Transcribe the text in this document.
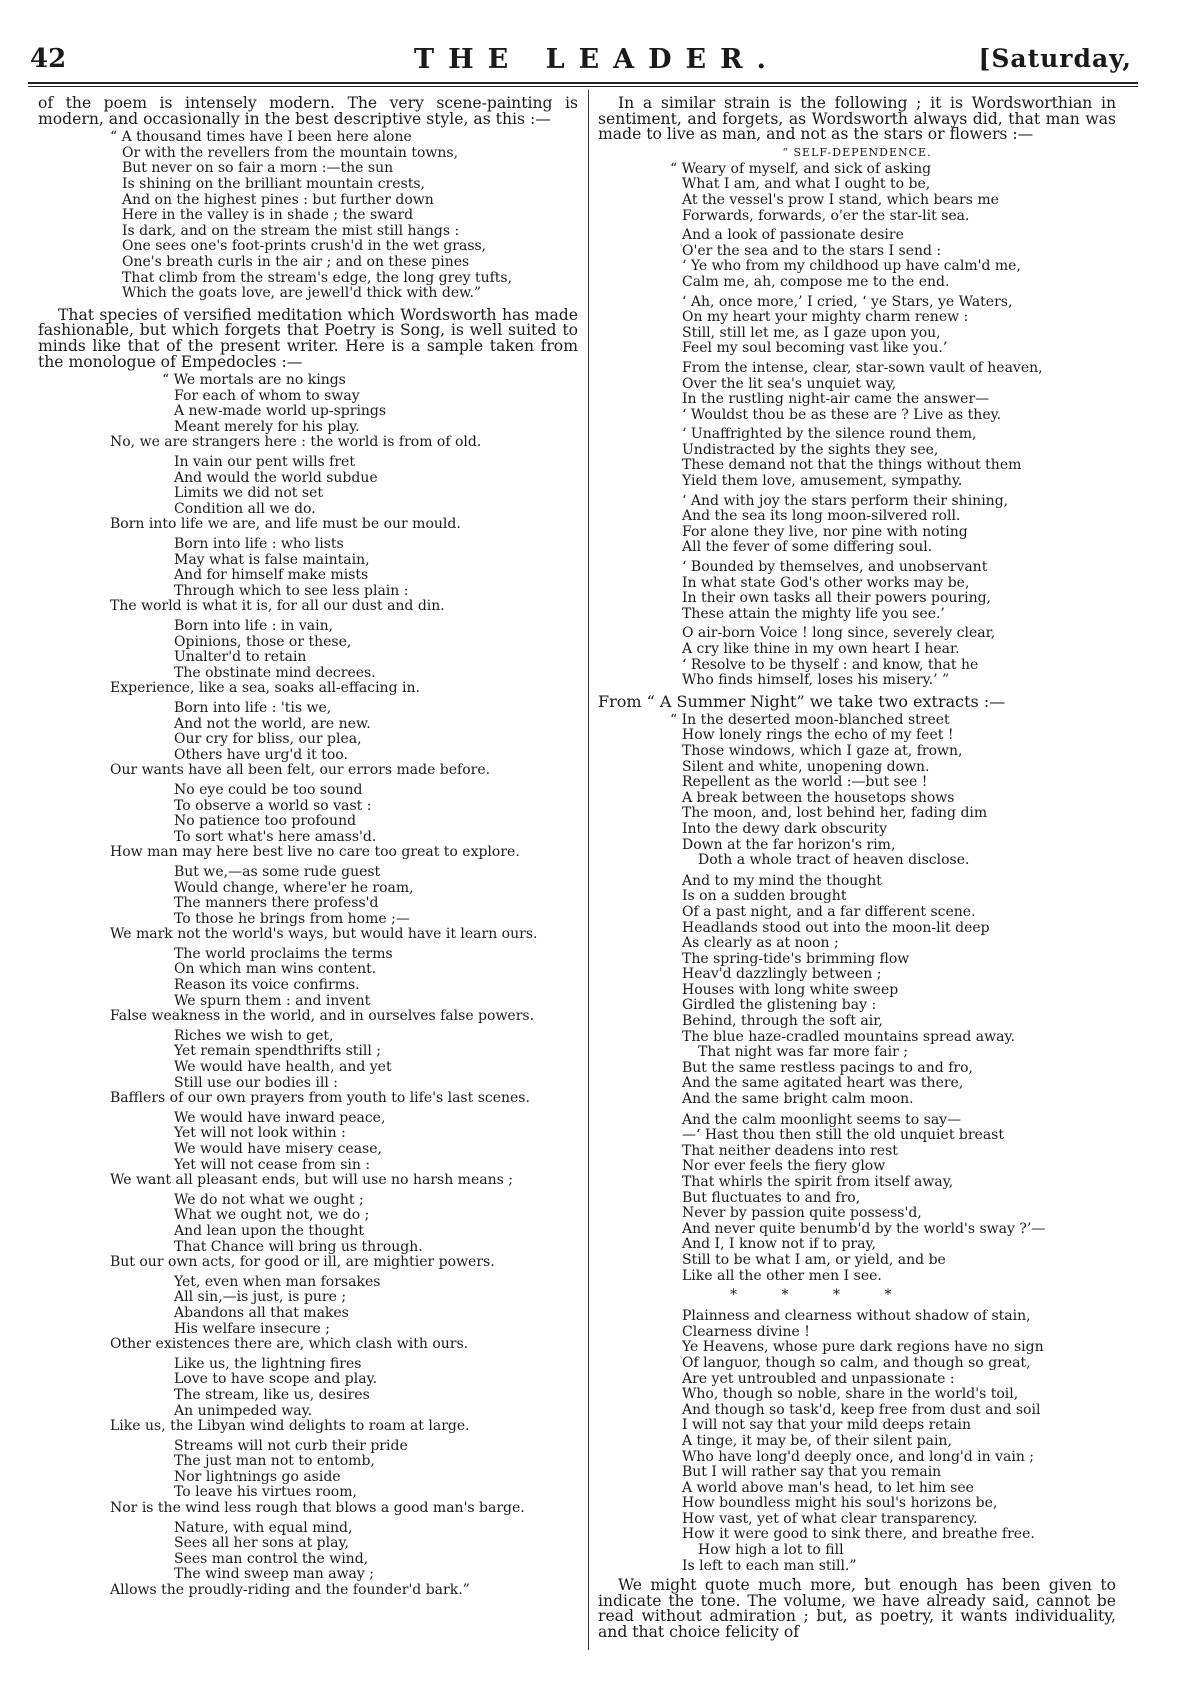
42	THE LEADER.	[Saturday,

of the poem is intensely modern. The very scene-painting is modern, and occasionally in the best descriptive style, as this :—

“ A thousand times have I been here alone
Or with the revellers from the mountain towns,
But never on so fair a morn :—the sun
Is shining on the brilliant mountain crests,
And on the highest pines : but further down
Here in the valley is in shade ; the sward
Is dark, and on the stream the mist still hangs :
One sees one's foot-prints crush'd in the wet grass,
One's breath curls in the air ; and on these pines
That climb from the stream's edge, the long grey tufts,
Which the goats love, are jewell'd thick with dew.”

That species of versified meditation which Wordsworth has made fashionable, but which forgets that Poetry is Song, is well suited to minds like that of the present writer. Here is a sample taken from the monologue of Empedocles :—

“ We mortals are no kings
For each of whom to sway
A new-made world up-springs
Meant merely for his play.
No, we are strangers here : the world is from of old.
In vain our pent wills fret
And would the world subdue
Limits we did not set
Condition all we do.
Born into life we are, and life must be our mould.
Born into life : who lists
May what is false maintain,
And for himself make mists
Through which to see less plain :
The world is what it is, for all our dust and din.
Born into life : in vain,
Opinions, those or these,
Unalter'd to retain
The obstinate mind decrees.
Experience, like a sea, soaks all-effacing in.
Born into life : 'tis we,
And not the world, are new.
Our cry for bliss, our plea,
Others have urg'd it too.
Our wants have all been felt, our errors made before.
No eye could be too sound
To observe a world so vast :
No patience too profound
To sort what's here amass'd.
How man may here best live no care too great to explore.
But we,—as some rude guest
Would change, where'er he roam,
The manners there profess'd
To those he brings from home ;—
We mark not the world's ways, but would have it learn ours.
The world proclaims the terms
On which man wins content.
Reason its voice confirms.
We spurn them : and invent
False weakness in the world, and in ourselves false powers.
Riches we wish to get,
Yet remain spendthrifts still ;
We would have health, and yet
Still use our bodies ill :
Bafflers of our own prayers from youth to life's last scenes.
We would have inward peace,
Yet will not look within :
We would have misery cease,
Yet will not cease from sin :
We want all pleasant ends, but will use no harsh means ;
We do not what we ought ;
What we ought not, we do ;
And lean upon the thought
That Chance will bring us through.
But our own acts, for good or ill, are mightier powers.
Yet, even when man forsakes
All sin,—is just, is pure ;
Abandons all that makes
His welfare insecure ;
Other existences there are, which clash with ours.
Like us, the lightning fires
Love to have scope and play.
The stream, like us, desires
An unimpeded way.
Like us, the Libyan wind delights to roam at large.
Streams will not curb their pride
The just man not to entomb,
Nor lightnings go aside
To leave his virtues room,
Nor is the wind less rough that blows a good man's barge.
Nature, with equal mind,
Sees all her sons at play,
Sees man control the wind,
The wind sweep man away ;
Allows the proudly-riding and the founder'd bark.”

In a similar strain is the following ; it is Wordsworthian in sentiment, and forgets, as Wordsworth always did, that man was made to live as man, and not as the stars or flowers :—

“ SELF-DEPENDENCE.
“ Weary of myself, and sick of asking
What I am, and what I ought to be,
At the vessel's prow I stand, which bears me
Forwards, forwards, o'er the star-lit sea.
And a look of passionate desire
O'er the sea and to the stars I send :
‘ Ye who from my childhood up have calm'd me,
Calm me, ah, compose me to the end.
‘ Ah, once more,’ I cried, ‘ ye Stars, ye Waters,
On my heart your mighty charm renew :
Still, still let me, as I gaze upon you,
Feel my soul becoming vast like you.’
From the intense, clear, star-sown vault of heaven,
Over the lit sea's unquiet way,
In the rustling night-air came the answer—
‘ Wouldst thou be as these are ? Live as they.
‘ Unaffrighted by the silence round them,
Undistracted by the sights they see,
These demand not that the things without them
Yield them love, amusement, sympathy.
‘ And with joy the stars perform their shining,
And the sea its long moon-silvered roll.
For alone they live, nor pine with noting
All the fever of some differing soul.
‘ Bounded by themselves, and unobservant
In what state God's other works may be,
In their own tasks all their powers pouring,
These attain the mighty life you see.’
O air-born Voice ! long since, severely clear,
A cry like thine in my own heart I hear.
‘ Resolve to be thyself : and know, that he
Who finds himself, loses his misery.’ ”
From “ A Summer Night” we take two extracts :—
“ In the deserted moon-blanched street
How lonely rings the echo of my feet !
Those windows, which I gaze at, frown,
Silent and white, unopening down.
Repellent as the world :—but see !
A break between the housetops shows
The moon, and, lost behind her, fading dim
Into the dewy dark obscurity
Down at the far horizon's rim,
Doth a whole tract of heaven disclose.
And to my mind the thought
Is on a sudden brought
Of a past night, and a far different scene.
Headlands stood out into the moon-lit deep
As clearly as at noon ;
The spring-tide's brimming flow
Heav'd dazzlingly between ;
Houses with long white sweep
Girdled the glistening bay :
Behind, through the soft air,
The blue haze-cradled mountains spread away.
That night was far more fair ;
But the same restless pacings to and fro,
And the same agitated heart was there,
And the same bright calm moon.
And the calm moonlight seems to say—
—‘ Hast thou then still the old unquiet breast
That neither deadens into rest
Nor ever feels the fiery glow
That whirls the spirit from itself away,
But fluctuates to and fro,
Never by passion quite possess'd,
And never quite benumb'd by the world's sway ?’—
And I, I know not if to pray,
Still to be what I am, or yield, and be
Like all the other men I see.
*          *          *          *
Plainness and clearness without shadow of stain,
Clearness divine !
Ye Heavens, whose pure dark regions have no sign
Of languor, though so calm, and though so great,
Are yet untroubled and unpassionate :
Who, though so noble, share in the world's toil,
And though so task'd, keep free from dust and soil
I will not say that your mild deeps retain
A tinge, it may be, of their silent pain,
Who have long'd deeply once, and long'd in vain ;
But I will rather say that you remain
A world above man's head, to let him see
How boundless might his soul's horizons be,
How vast, yet of what clear transparency.
How it were good to sink there, and breathe free.
How high a lot to fill
Is left to each man still.”

We might quote much more, but enough has been given to indicate the tone. The volume, we have already said, cannot be read without admiration ; but, as poetry, it wants individuality, and that choice felicity of
